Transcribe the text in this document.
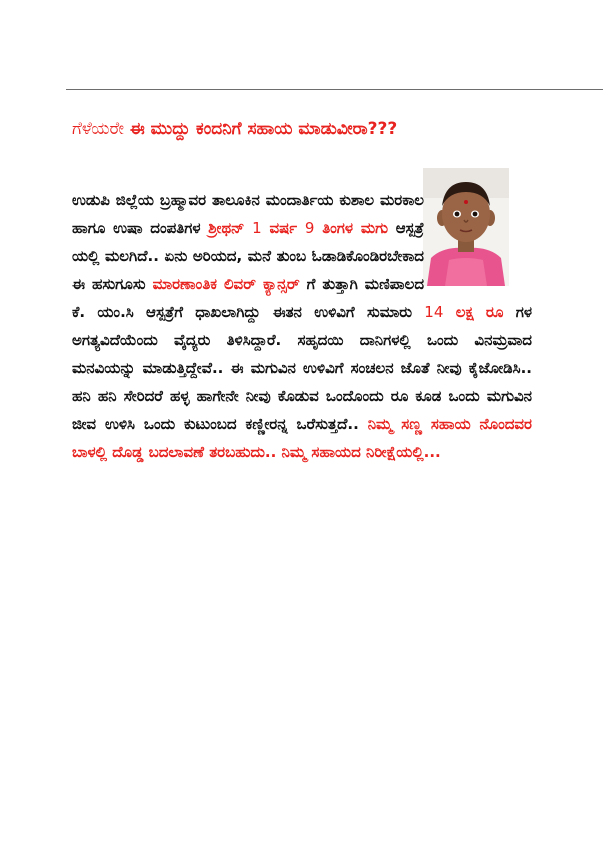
ಗೆಳೆಯರೇ ಈ ಮುದ್ದು ಕಂದನಿಗೆ ಸಹಾಯ ಮಾಡುವೀರಾ???
ಉಡುಪಿ ಜಿಲ್ಲೆಯ ಬ್ರಹ್ಮಾವರ ತಾಲೂಕಿನ ಮಂದಾರ್ತಿಯ ಕುಶಾಲ ಮರಕಾಲ ಹಾಗೂ ಉಷಾ ದಂಪತಿಗಳ ಶ್ರೀಥನ್ 1 ವರ್ಷ 9 ತಿಂಗಳ ಮಗು ಆಸ್ಪತ್ರೆ ಯಲ್ಲಿ ಮಲಗಿದೆ.. ಏನು ಅರಿಯದ, ಮನೆ ತುಂಬ ಓಡಾಡಿಕೊಂಡಿರಬೇಕಾದ ಈ ಹಸುಗೂಸು ಮಾರಣಾಂತಿಕ ಲಿವರ್ ಕ್ಯಾನ್ಸರ್ ಗೆ ತುತ್ತಾಗಿ ಮಣಿಪಾಲದ ಕೆ. ಯಂ.ಸಿ ಆಸ್ಪತ್ರೆಗೆ ಧಾಖಲಾಗಿದ್ದು ಈತನ ಉಳಿವಿಗೆ ಸುಮಾರು 14 ಲಕ್ಷ ರೂ ಗಳ ಅಗತ್ಯವಿದೆಯೆಂದು ವೈದ್ಯರು ತಿಳಿಸಿದ್ದಾರೆ. ಸಹೃದಯಿ ದಾನಿಗಳಲ್ಲಿ ಒಂದು ವಿನಮ್ರವಾದ ಮನವಿಯನ್ನು ಮಾಡುತ್ತಿದ್ದೇವೆ.. ಈ ಮಗುವಿನ ಉಳಿವಿಗೆ ಸಂಚಲನ ಜೊತೆ ನೀವು ಕೈಜೋಡಿಸಿ.. ಹನಿ ಹನಿ ಸೇರಿದರೆ ಹಳ್ಳ ಹಾಗೇನೇ ನೀವು ಕೊಡುವ ಒಂದೊಂದು ರೂ ಕೂಡ ಒಂದು ಮಗುವಿನ ಜೀವ ಉಳಿಸಿ ಒಂದು ಕುಟುಂಬದ ಕಣ್ಣೀರನ್ನ ಒರೆಸುತ್ತದೆ.. ನಿಮ್ಮ ಸಣ್ಣ ಸಹಾಯ ನೊಂದವರ ಬಾಳಲ್ಲಿ ದೊಡ್ಡ ಬದಲಾವಣೆ ತರಬಹುದು.. ನಿಮ್ಮ ಸಹಾಯದ ನಿರೀಕ್ಷೆಯಲ್ಲಿ...
